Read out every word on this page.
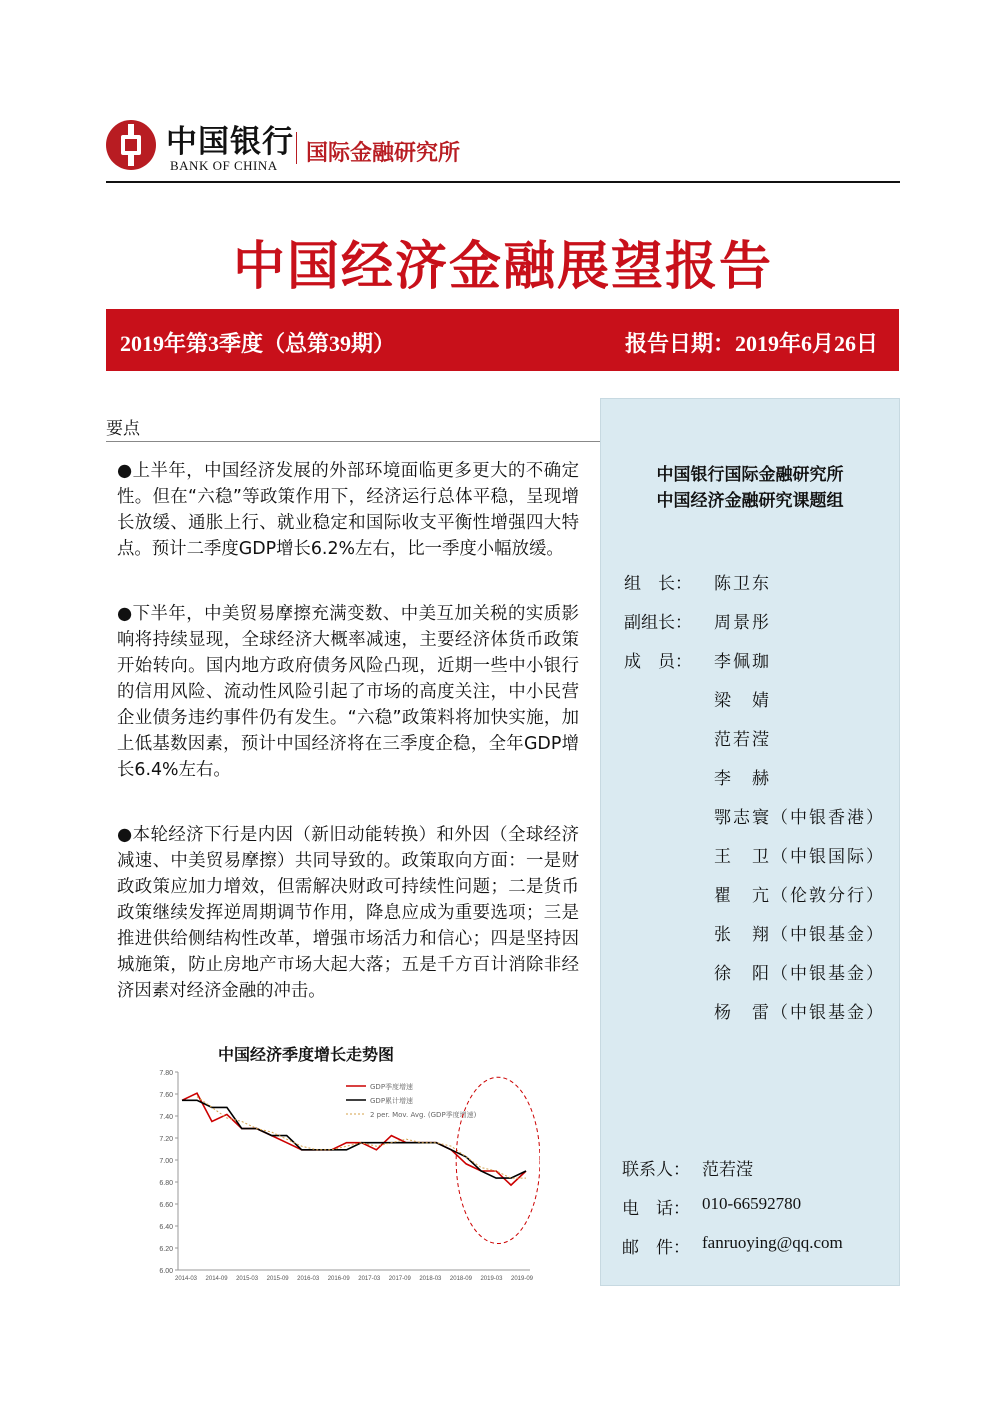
中国银行
BANK OF CHINA 国际金融研究所
中国经济金融展望报告
2019年第3季度（总第39期）	报告日期：2019年6月26日
中国银行国际金融研究所
中国经济金融研究课题组
组　长：	陈卫东
副组长：	周景彤
成　员：	李佩珈
梁　婧
范若滢
李　赫
鄂志寰（中银香港）
王　卫（中银国际）
瞿　亢（伦敦分行）
张　翔（中银基金）
徐　阳（中银基金）
杨　雷（中银基金）
联系人： 范若滢
电　话： 010-66592780
邮　件： fanruoying@qq.com
要点
●上半年，中国经济发展的外部环境面临更多更大的不确定性。但在“六稳”等政策作用下，经济运行总体平稳，呈现增长放缓、通胀上行、就业稳定和国际收支平衡性增强四大特点。预计二季度GDP增长6.2%左右，比一季度小幅放缓。
●下半年，中美贸易摩擦充满变数、中美互加关税的实质影响将持续显现，全球经济大概率减速，主要经济体货币政策开始转向。国内地方政府债务风险凸现，近期一些中小银行的信用风险、流动性风险引起了市场的高度关注，中小民营企业债务违约事件仍有发生。“六稳”政策料将加快实施，加上低基数因素，预计中国经济将在三季度企稳，全年GDP增长6.4%左右。
●本轮经济下行是内因（新旧动能转换）和外因（全球经济减速、中美贸易摩擦）共同导致的。政策取向方面：一是财政政策应加力增效，但需解决财政可持续性问题；二是货币政策继续发挥逆周期调节作用，降息应成为重要选项；三是推进供给侧结构性改革，增强市场活力和信心；四是坚持因城施策，防止房地产市场大起大落；五是千方百计消除非经济因素对经济金融的冲击。
中国经济季度增长走势图
7.80
7.60
7.40
7.20
7.00
6.80
6.60
6.40
6.20
6.00
2014-03 2014-09 2015-03 2015-09 2016-03 2016-09 2017-03 2017-09 2018-03 2018-09 2019-03 2019-09
GDP季度增速
GDP累计增速
2 per. Mov. Avg. (GDP季度增速)
